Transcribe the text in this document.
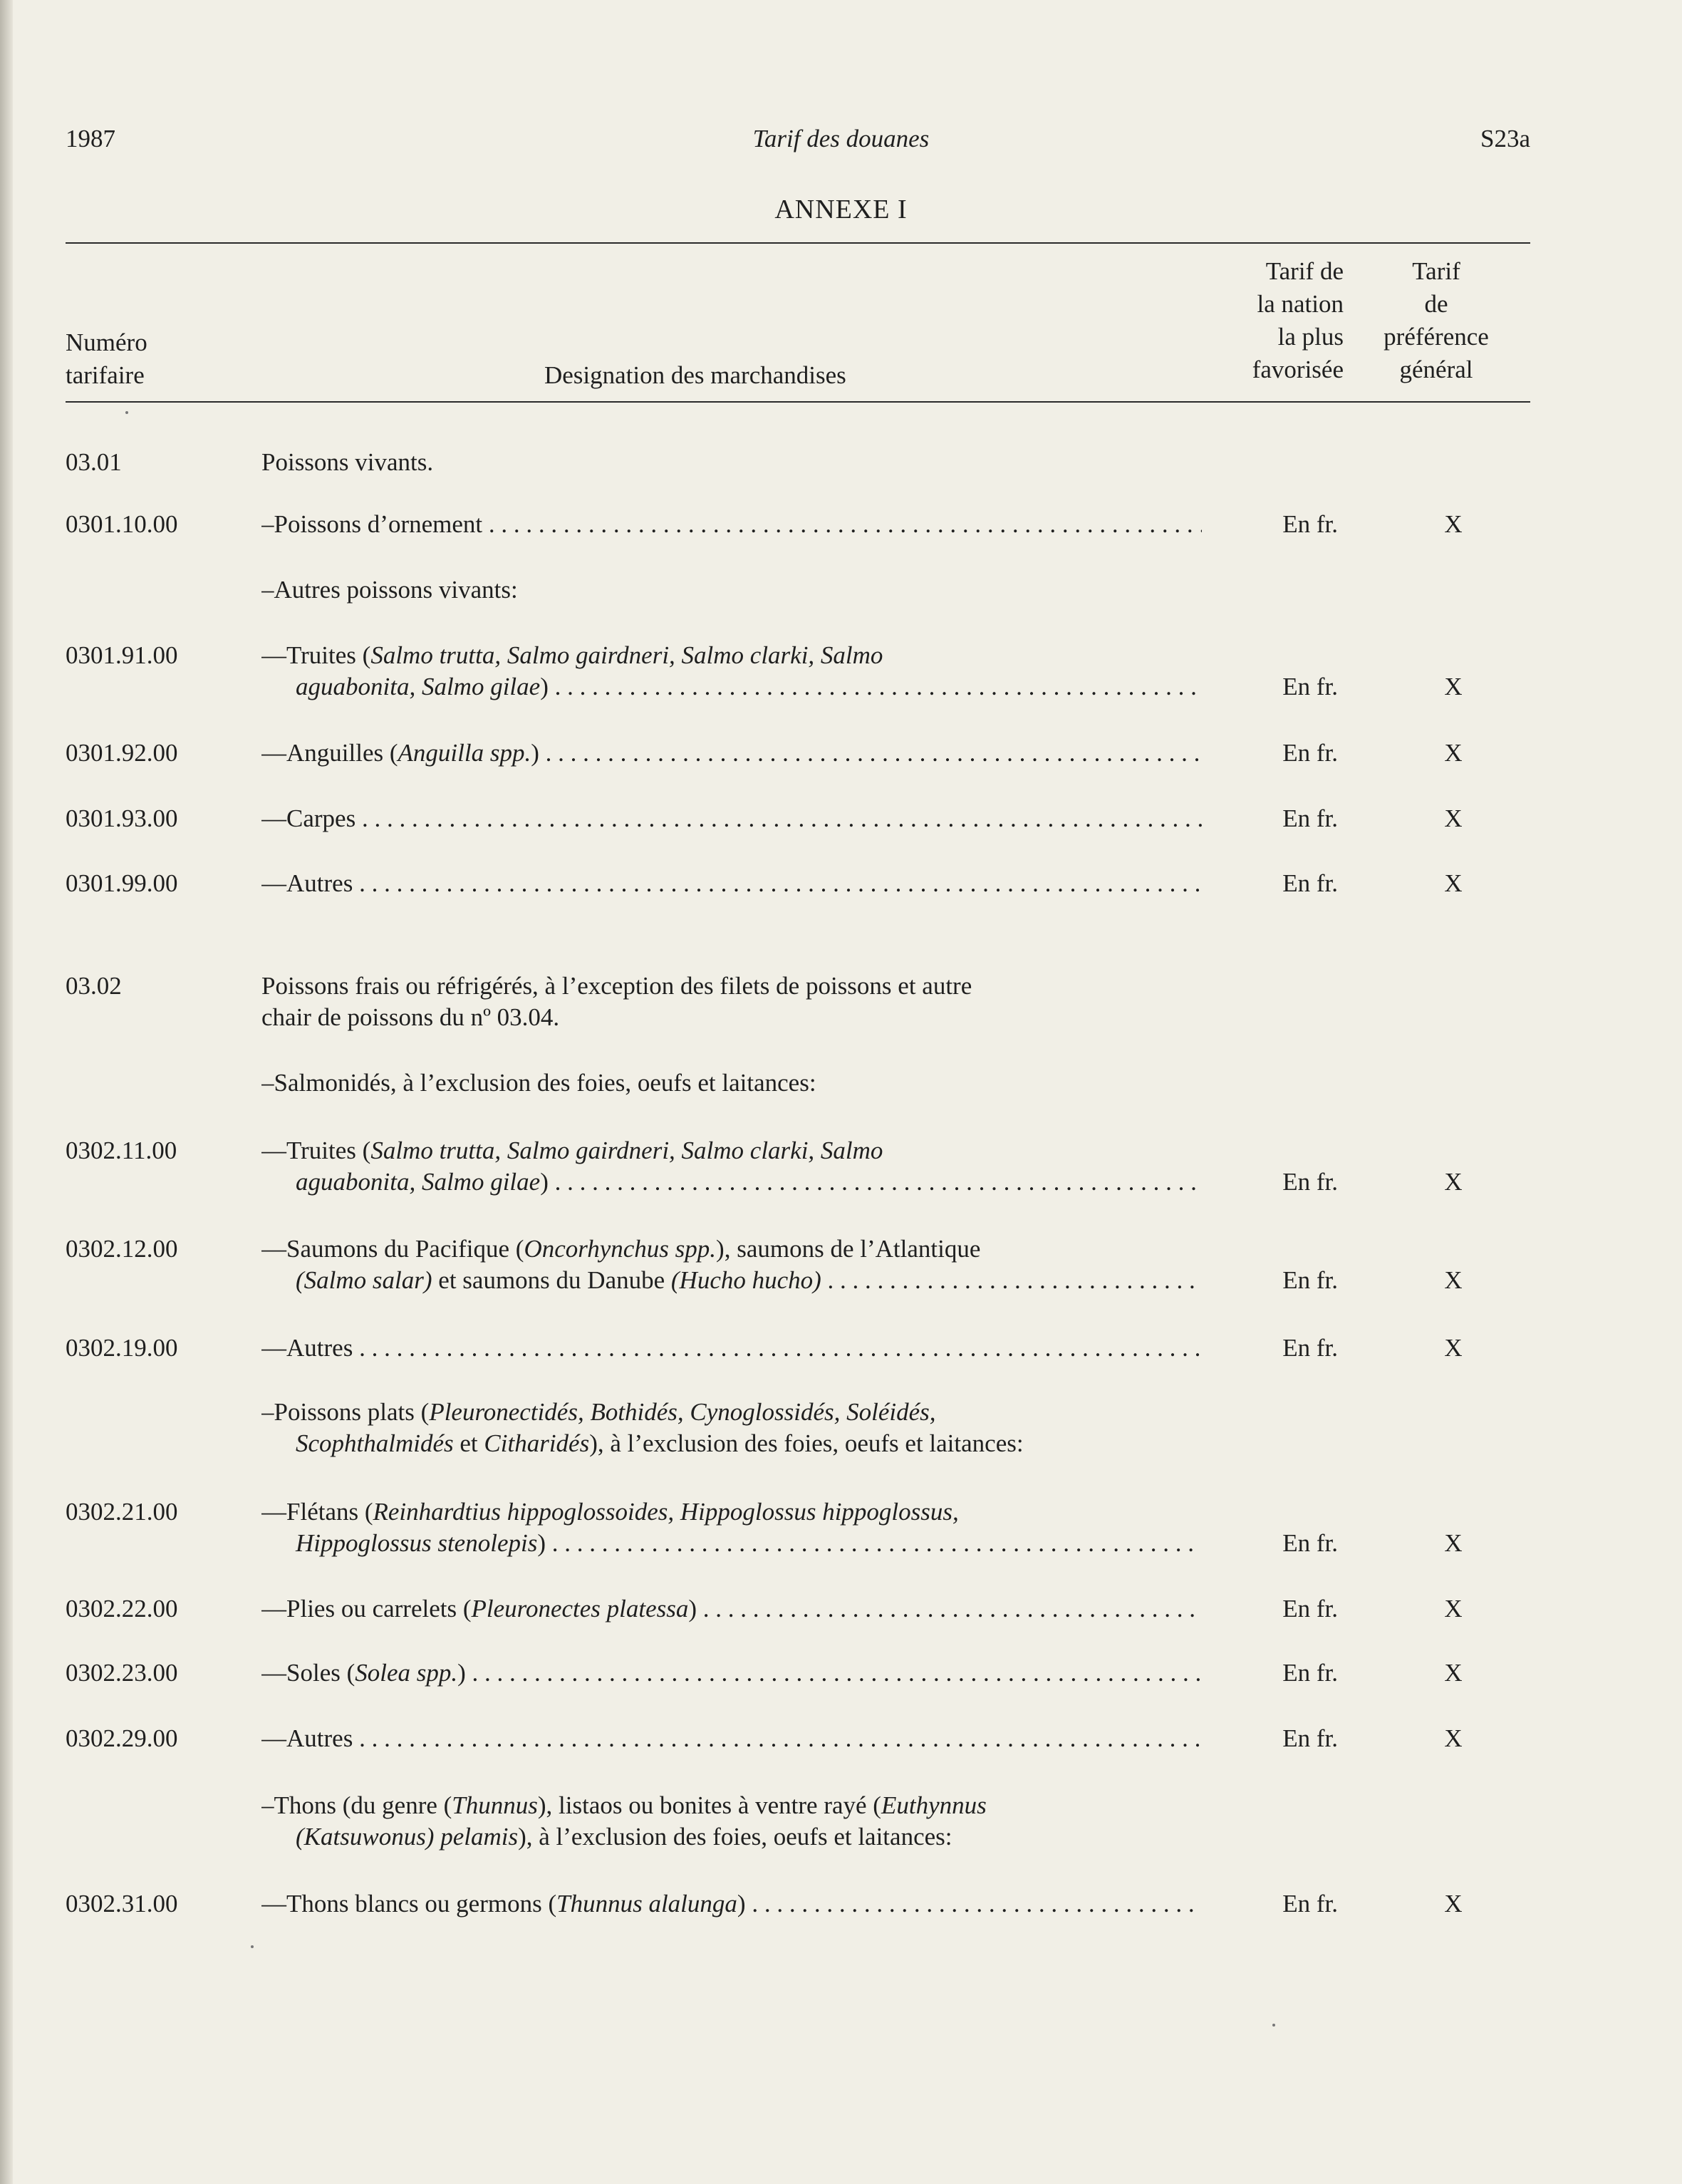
1987	Tarif des douanes	S23a
ANNEXE I
Numéro
tarifaire	Designation des marchandises
Tarif de
la nation
la plus
favorisée
Tarif
de
préférence
général
03.01	Poissons vivants.
0301.10.00	–Poissons d’ornement . . .	En fr.	X
–Autres poissons vivants:
0301.91.00	—Truites (Salmo trutta, Salmo gairdneri, Salmo clarki, Salmo
aguabonita, Salmo gilae) . . .	En fr.	X
0301.92.00	—Anguilles (Anguilla spp.) . . .	En fr.	X
0301.93.00	—Carpes . . .	En fr.	X
0301.99.00	—Autres . . .	En fr.	X
03.02	Poissons frais ou réfrigérés, à l’exception des filets de poissons et autre
chair de poissons du nº 03.04.
–Salmonidés, à l’exclusion des foies, oeufs et laitances:
0302.11.00	—Truites (Salmo trutta, Salmo gairdneri, Salmo clarki, Salmo
aguabonita, Salmo gilae) . . .	En fr.	X
0302.12.00	—Saumons du Pacifique (Oncorhynchus spp.), saumons de l’Atlantique
(Salmo salar) et saumons du Danube (Hucho hucho) . . .	En fr.	X
0302.19.00	—Autres . . .	En fr.	X
–Poissons plats (Pleuronectidés, Bothidés, Cynoglossidés, Soléidés,
Scophthalmidés et Citharidés), à l’exclusion des foies, oeufs et laitances:
0302.21.00	—Flétans (Reinhardtius hippoglossoides, Hippoglossus hippoglossus,
Hippoglossus stenolepis) . . .	En fr.	X
0302.22.00	—Plies ou carrelets (Pleuronectes platessa) . . .	En fr.	X
0302.23.00	—Soles (Solea spp.) . . .	En fr.	X
0302.29.00	—Autres . . .	En fr.	X
–Thons (du genre (Thunnus), listaos ou bonites à ventre rayé (Euthynnus
(Katsuwonus) pelamis), à l’exclusion des foies, oeufs et laitances:
0302.31.00	—Thons blancs ou germons (Thunnus alalunga) . . .	En fr.	X
